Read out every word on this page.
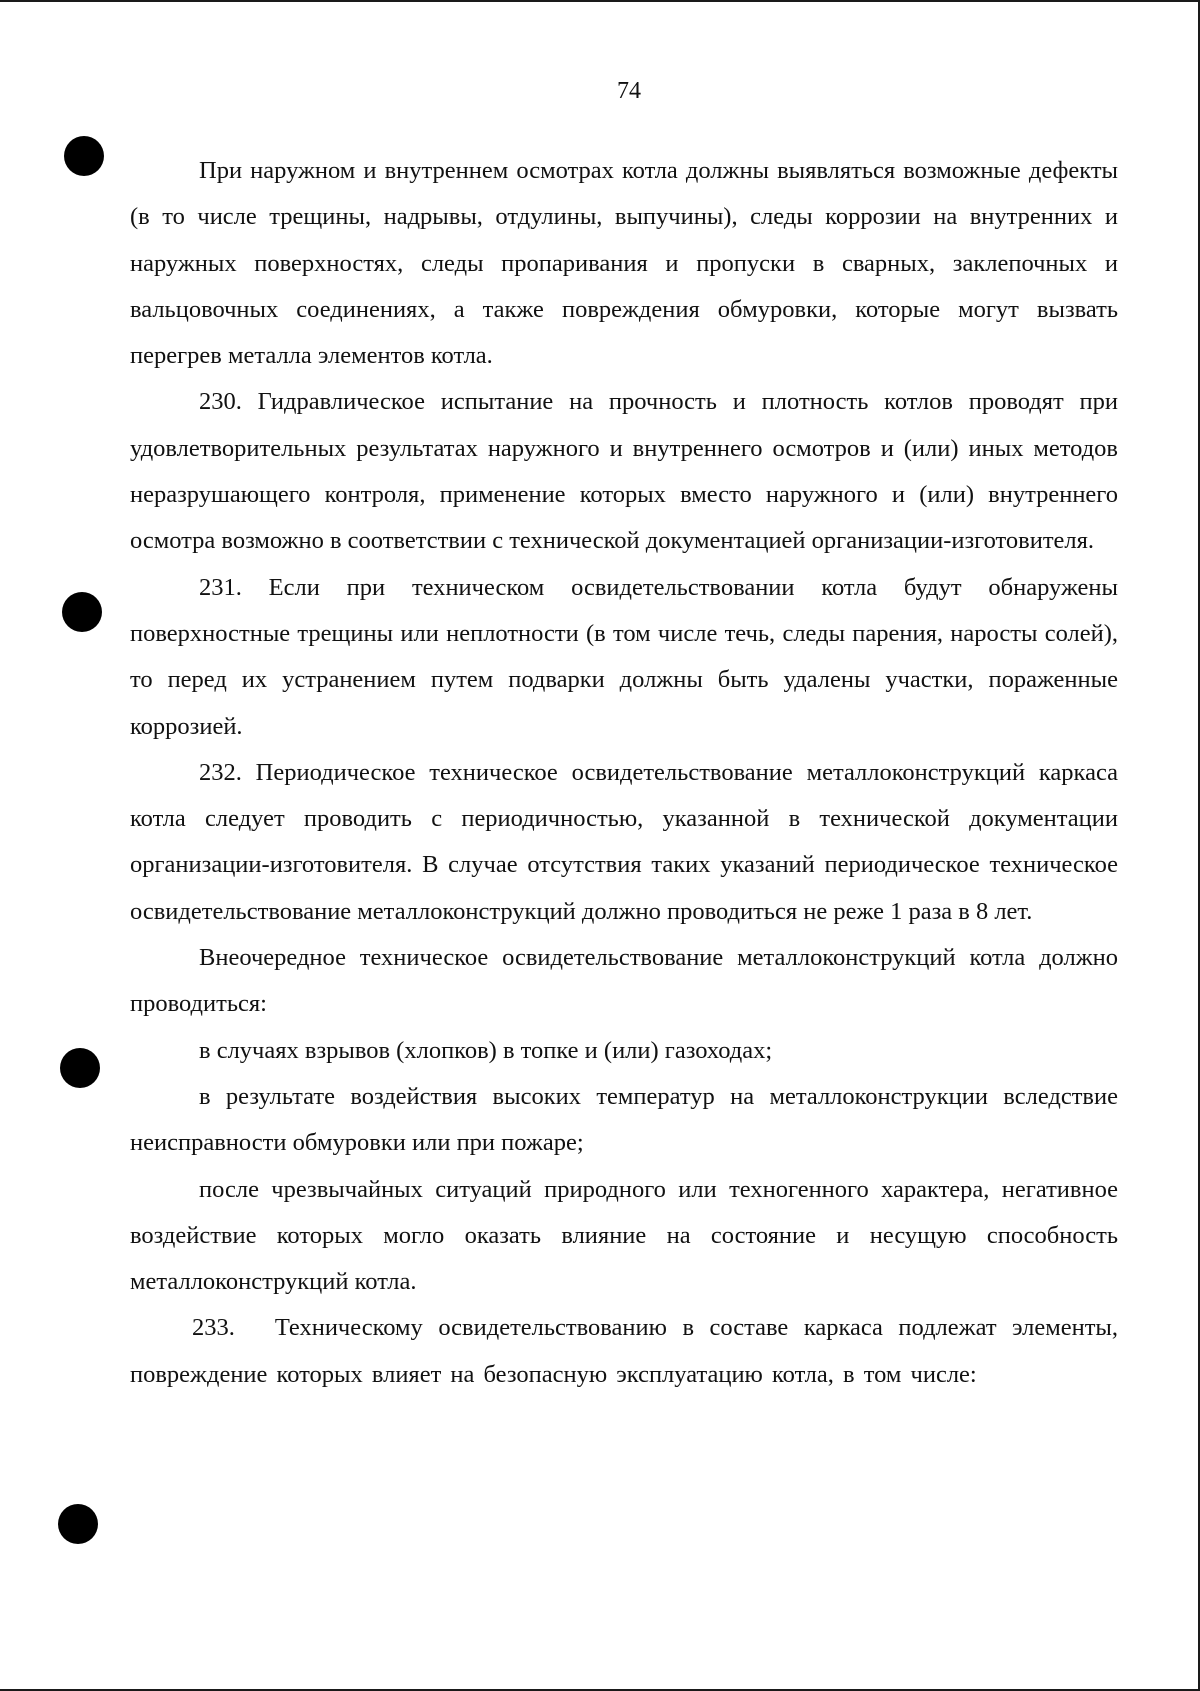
74

При наружном и внутреннем осмотрах котла должны выявляться возможные дефекты (в то числе трещины, надрывы, отдулины, выпучины), следы коррозии на внутренних и наружных поверхностях, следы пропаривания и пропуски в сварных, заклепочных и вальцовочных соединениях, а также повреждения обмуровки, которые могут вызвать перегрев металла элементов котла.

230. Гидравлическое испытание на прочность и плотность котлов проводят при удовлетворительных результатах наружного и внутреннего осмотров и (или) иных методов неразрушающего контроля, применение которых вместо наружного и (или) внутреннего осмотра возможно в соответствии с технической документацией организации-изготовителя.

231. Если при техническом освидетельствовании котла будут обнаружены поверхностные трещины или неплотности (в том числе течь, следы парения, наросты солей), то перед их устранением путем подварки должны быть удалены участки, пораженные коррозией.

232. Периодическое техническое освидетельствование металлоконструкций каркаса котла следует проводить с периодичностью, указанной в технической документации организации-изготовителя. В случае отсутствия таких указаний периодическое техническое освидетельствование металлоконструкций должно проводиться не реже 1 раза в 8 лет.

Внеочередное техническое освидетельствование металлоконструкций котла должно проводиться:

в случаях взрывов (хлопков) в топке и (или) газоходах;

в результате воздействия высоких температур на металлоконструкции вследствие неисправности обмуровки или при пожаре;

после чрезвычайных ситуаций природного или техногенного характера, негативное воздействие которых могло оказать влияние на состояние и несущую способность металлоконструкций котла.

233. Техническому освидетельствованию в составе каркаса подлежат элементы, повреждение которых влияет на безопасную эксплуатацию котла, в том числе:
